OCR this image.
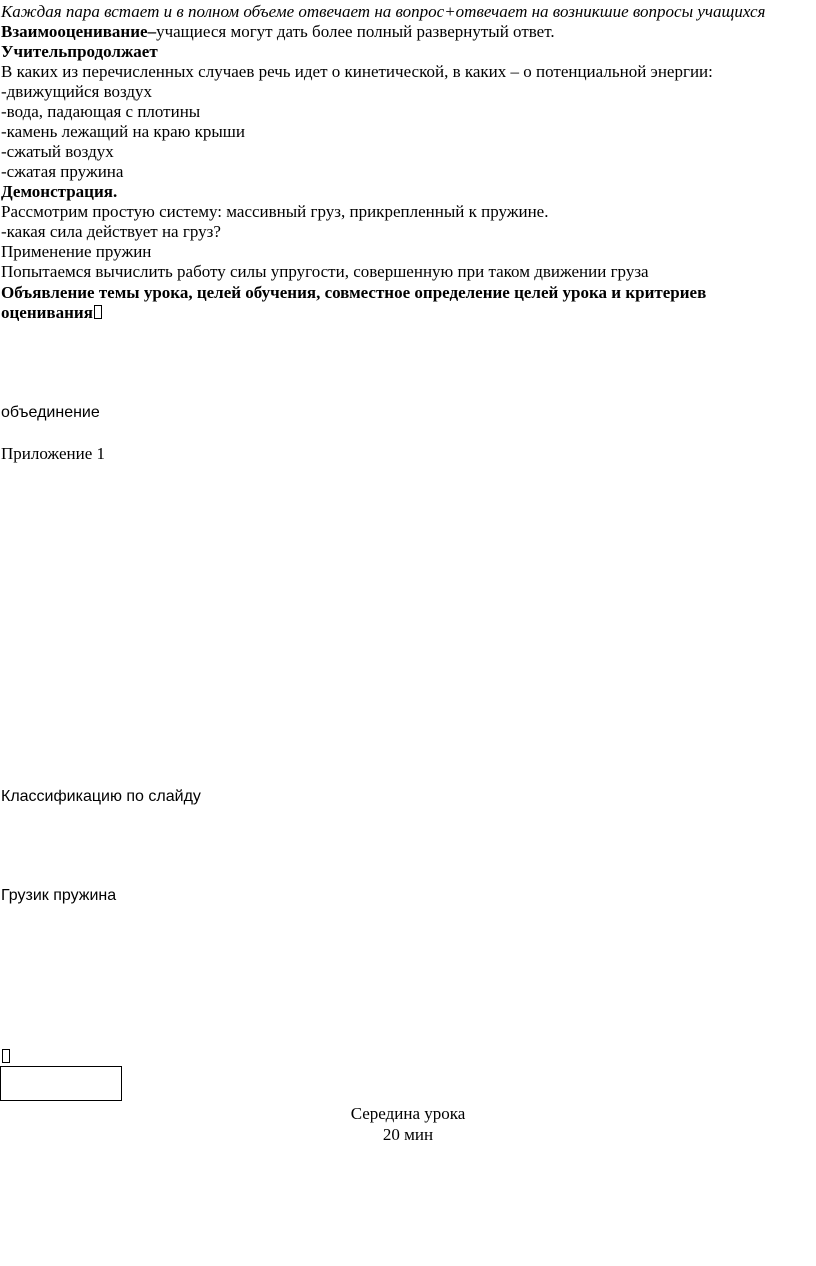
Каждая пара встает и в полном объеме отвечает на вопрос+отвечает на возникшие вопросы учащихся

Взаимооценивание–учащиеся могут дать более полный развернутый ответ.

Учительпродолжает

В каких из перечисленных случаев речь идет о кинетической, в каких – о потенциальной энергии:

-движущийся воздух

-вода, падающая с плотины

-камень лежащий на краю крыши

-сжатый воздух

-сжатая пружина

Демонстрация.

Рассмотрим простую систему: массивный груз, прикрепленный к пружине.

-какая сила действует на груз?

Применение пружин

Попытаемся вычислить работу силы упругости, совершенную при таком движении груза

Объявление темы урока, целей обучения, совместное определение целей урока и критериев

оценивания

объединение

Приложение 1

Классификацию по слайду

Грузик пружина

Середина урока

20 мин
